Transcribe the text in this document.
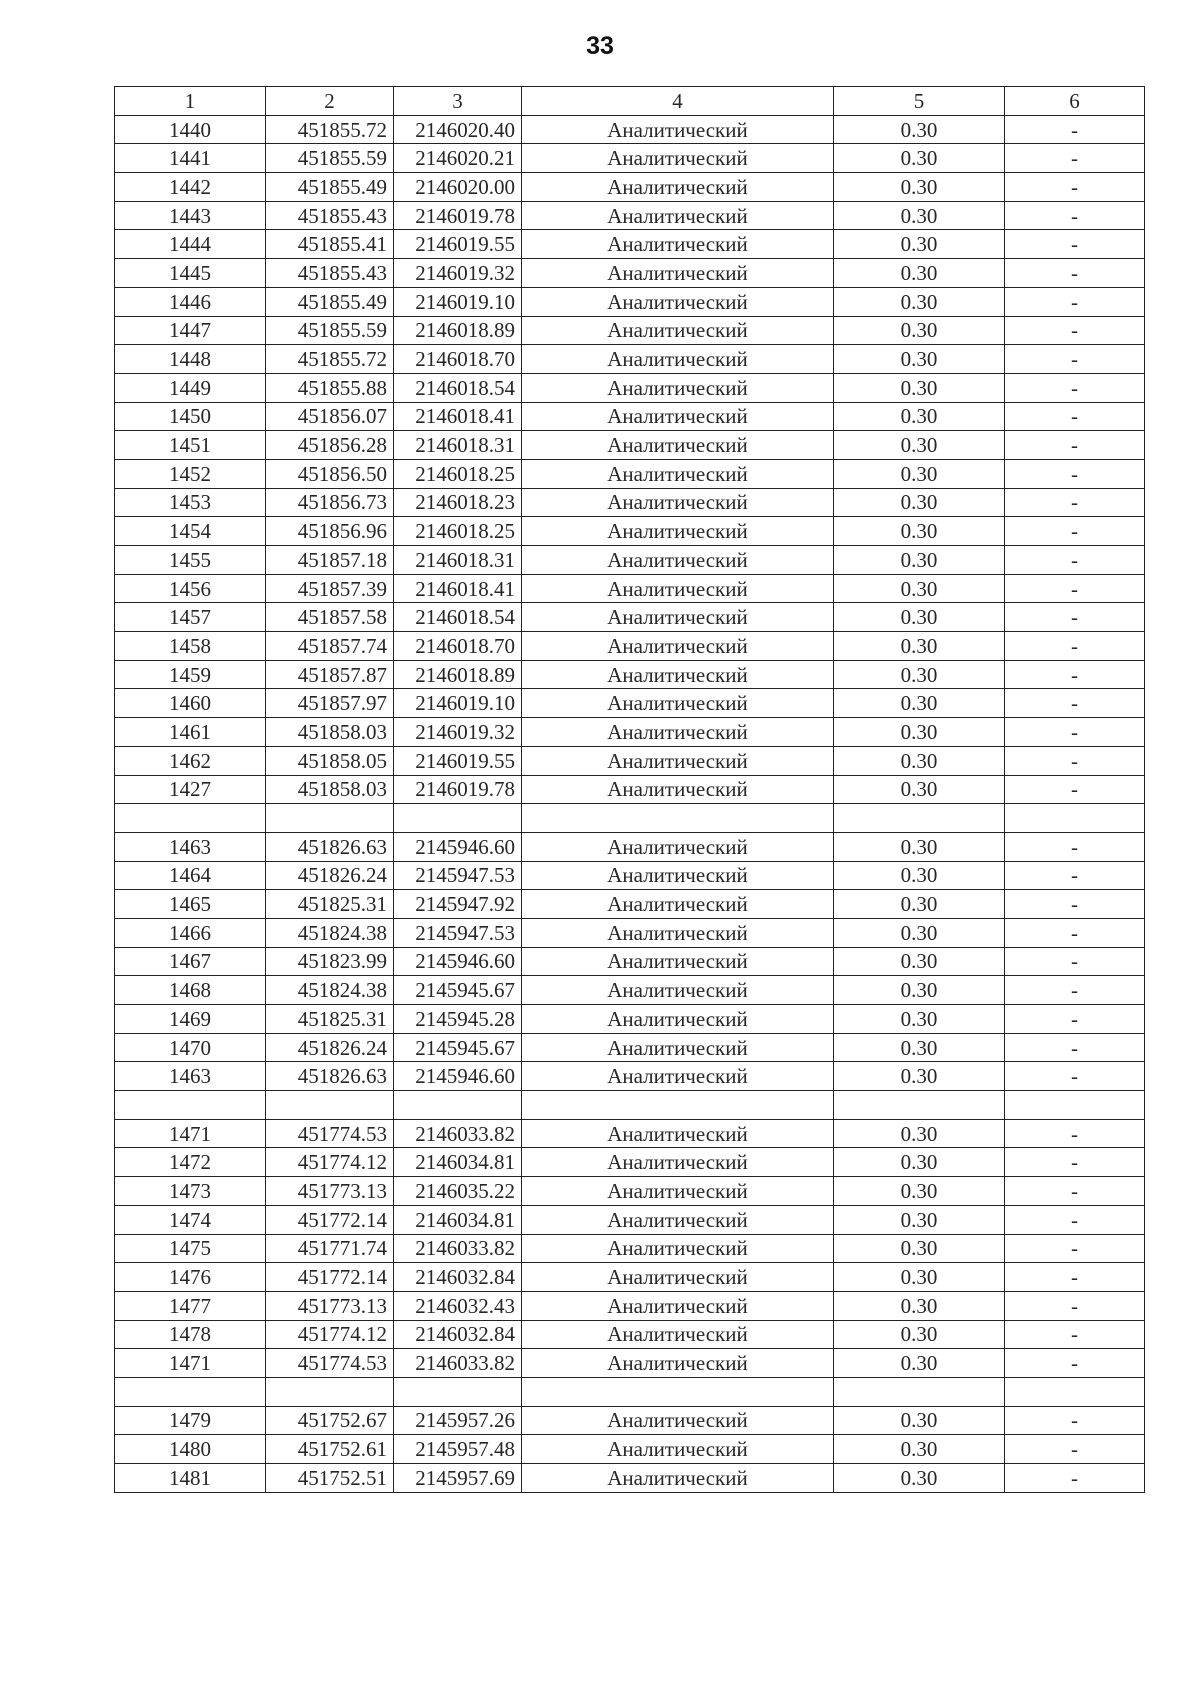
33
1	2	3	4	5	6
1440	451855.72	2146020.40	Аналитический	0.30	-
1441	451855.59	2146020.21	Аналитический	0.30	-
1442	451855.49	2146020.00	Аналитический	0.30	-
1443	451855.43	2146019.78	Аналитический	0.30	-
1444	451855.41	2146019.55	Аналитический	0.30	-
1445	451855.43	2146019.32	Аналитический	0.30	-
1446	451855.49	2146019.10	Аналитический	0.30	-
1447	451855.59	2146018.89	Аналитический	0.30	-
1448	451855.72	2146018.70	Аналитический	0.30	-
1449	451855.88	2146018.54	Аналитический	0.30	-
1450	451856.07	2146018.41	Аналитический	0.30	-
1451	451856.28	2146018.31	Аналитический	0.30	-
1452	451856.50	2146018.25	Аналитический	0.30	-
1453	451856.73	2146018.23	Аналитический	0.30	-
1454	451856.96	2146018.25	Аналитический	0.30	-
1455	451857.18	2146018.31	Аналитический	0.30	-
1456	451857.39	2146018.41	Аналитический	0.30	-
1457	451857.58	2146018.54	Аналитический	0.30	-
1458	451857.74	2146018.70	Аналитический	0.30	-
1459	451857.87	2146018.89	Аналитический	0.30	-
1460	451857.97	2146019.10	Аналитический	0.30	-
1461	451858.03	2146019.32	Аналитический	0.30	-
1462	451858.05	2146019.55	Аналитический	0.30	-
1427	451858.03	2146019.78	Аналитический	0.30	-

1463	451826.63	2145946.60	Аналитический	0.30	-
1464	451826.24	2145947.53	Аналитический	0.30	-
1465	451825.31	2145947.92	Аналитический	0.30	-
1466	451824.38	2145947.53	Аналитический	0.30	-
1467	451823.99	2145946.60	Аналитический	0.30	-
1468	451824.38	2145945.67	Аналитический	0.30	-
1469	451825.31	2145945.28	Аналитический	0.30	-
1470	451826.24	2145945.67	Аналитический	0.30	-
1463	451826.63	2145946.60	Аналитический	0.30	-

1471	451774.53	2146033.82	Аналитический	0.30	-
1472	451774.12	2146034.81	Аналитический	0.30	-
1473	451773.13	2146035.22	Аналитический	0.30	-
1474	451772.14	2146034.81	Аналитический	0.30	-
1475	451771.74	2146033.82	Аналитический	0.30	-
1476	451772.14	2146032.84	Аналитический	0.30	-
1477	451773.13	2146032.43	Аналитический	0.30	-
1478	451774.12	2146032.84	Аналитический	0.30	-
1471	451774.53	2146033.82	Аналитический	0.30	-

1479	451752.67	2145957.26	Аналитический	0.30	-
1480	451752.61	2145957.48	Аналитический	0.30	-
1481	451752.51	2145957.69	Аналитический	0.30	-
